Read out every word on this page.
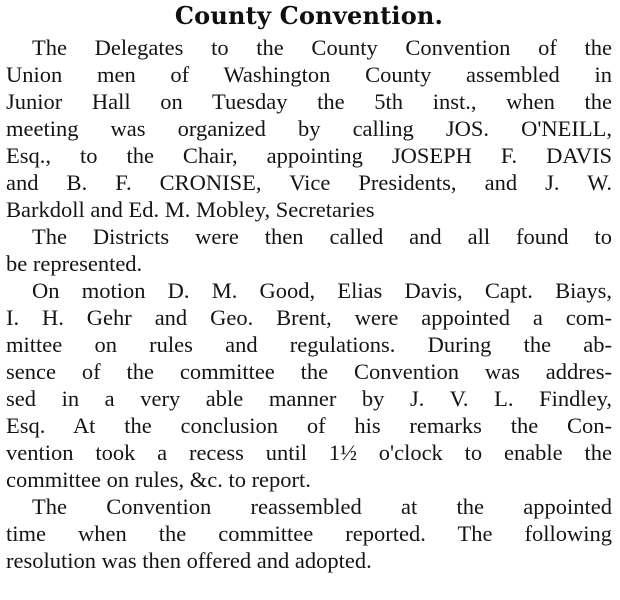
County Convention.
The Delegates to the County Convention of the
Union men of Washington County assembled in
Junior Hall on Tuesday the 5th inst., when the
meeting was organized by calling JOS. O'NEILL,
Esq., to the Chair, appointing JOSEPH F. DAVIS
and B. F. CRONISE, Vice Presidents, and J. W.
Barkdoll and Ed. M. Mobley, Secretaries
The Districts were then called and all found to
be represented.
On motion D. M. Good, Elias Davis, Capt. Biays,
I. H. Gehr and Geo. Brent, were appointed a com-
mittee on rules and regulations. During the ab-
sence of the committee the Convention was addres-
sed in a very able manner by J. V. L. Findley,
Esq. At the conclusion of his remarks the Con-
vention took a recess until 1½ o'clock to enable the
committee on rules, &c. to report.
The Convention reassembled at the appointed
time when the committee reported. The following
resolution was then offered and adopted.
